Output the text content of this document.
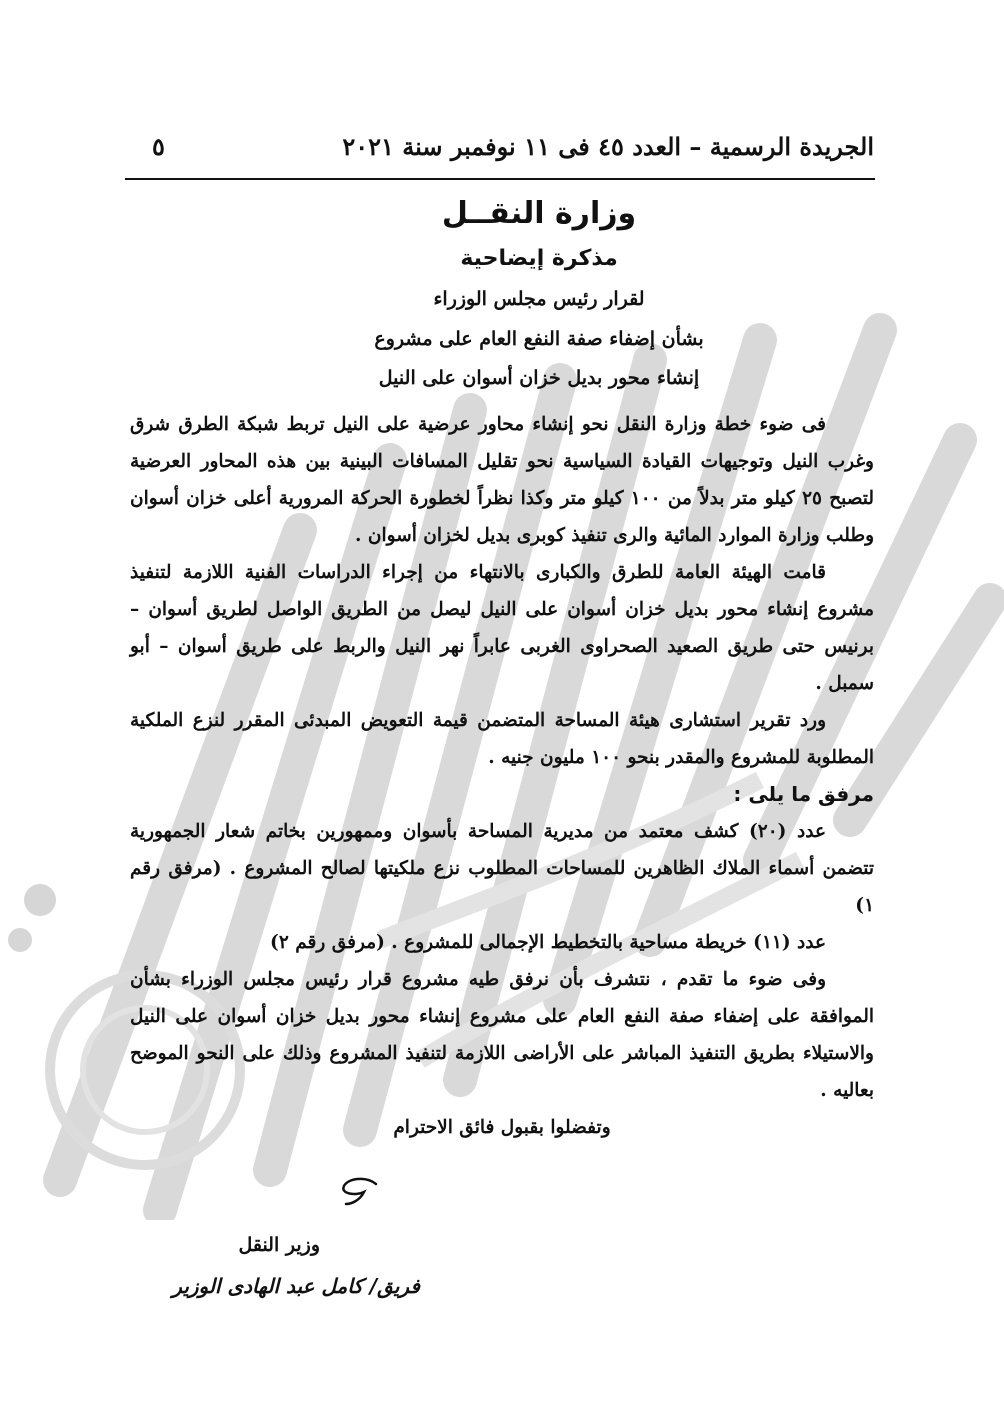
الجريدة الرسمية – العدد ٤٥ فى ١١ نوفمبر سنة ٢٠٢١
٥
وزارة النقــل
مذكرة إيضاحية
لقرار رئيس مجلس الوزراء
بشأن إضفاء صفة النفع العام على مشروع
إنشاء محور بديل خزان أسوان على النيل

فى ضوء خطة وزارة النقل نحو إنشاء محاور عرضية على النيل تربط شبكة الطرق شرق وغرب النيل وتوجيهات القيادة السياسية نحو تقليل المسافات البينية بين هذه المحاور العرضية لتصبح ٢٥ كيلو متر بدلاً من ١٠٠ كيلو متر وكذا نظراً لخطورة الحركة المرورية أعلى خزان أسوان وطلب وزارة الموارد المائية والرى تنفيذ كوبرى بديل لخزان أسوان .

قامت الهيئة العامة للطرق والكبارى بالانتهاء من إجراء الدراسات الفنية اللازمة لتنفيذ مشروع إنشاء محور بديل خزان أسوان على النيل ليصل من الطريق الواصل لطريق أسوان – برنيس حتى طريق الصعيد الصحراوى الغربى عابراً نهر النيل والربط على طريق أسوان – أبو سمبل .

ورد تقرير استشارى هيئة المساحة المتضمن قيمة التعويض المبدئى المقرر لنزع الملكية المطلوبة للمشروع والمقدر بنحو ١٠٠ مليون جنيه .

مرفق ما يلى :

عدد (٢٠) كشف معتمد من مديرية المساحة بأسوان وممهورين بخاتم شعار الجمهورية تتضمن أسماء الملاك الظاهرين للمساحات المطلوب نزع ملكيتها لصالح المشروع . (مرفق رقم ١)

عدد (١١) خريطة مساحية بالتخطيط الإجمالى للمشروع . (مرفق رقم ٢)

وفى ضوء ما تقدم ، نتشرف بأن نرفق طيه مشروع قرار رئيس مجلس الوزراء بشأن الموافقة على إضفاء صفة النفع العام على مشروع إنشاء محور بديل خزان أسوان على النيل والاستيلاء بطريق التنفيذ المباشر على الأراضى اللازمة لتنفيذ المشروع وذلك على النحو الموضح بعاليه .

وتفضلوا بقبول فائق الاحترام

وزير النقل
فريق/ كامل عبد الهادى الوزير
